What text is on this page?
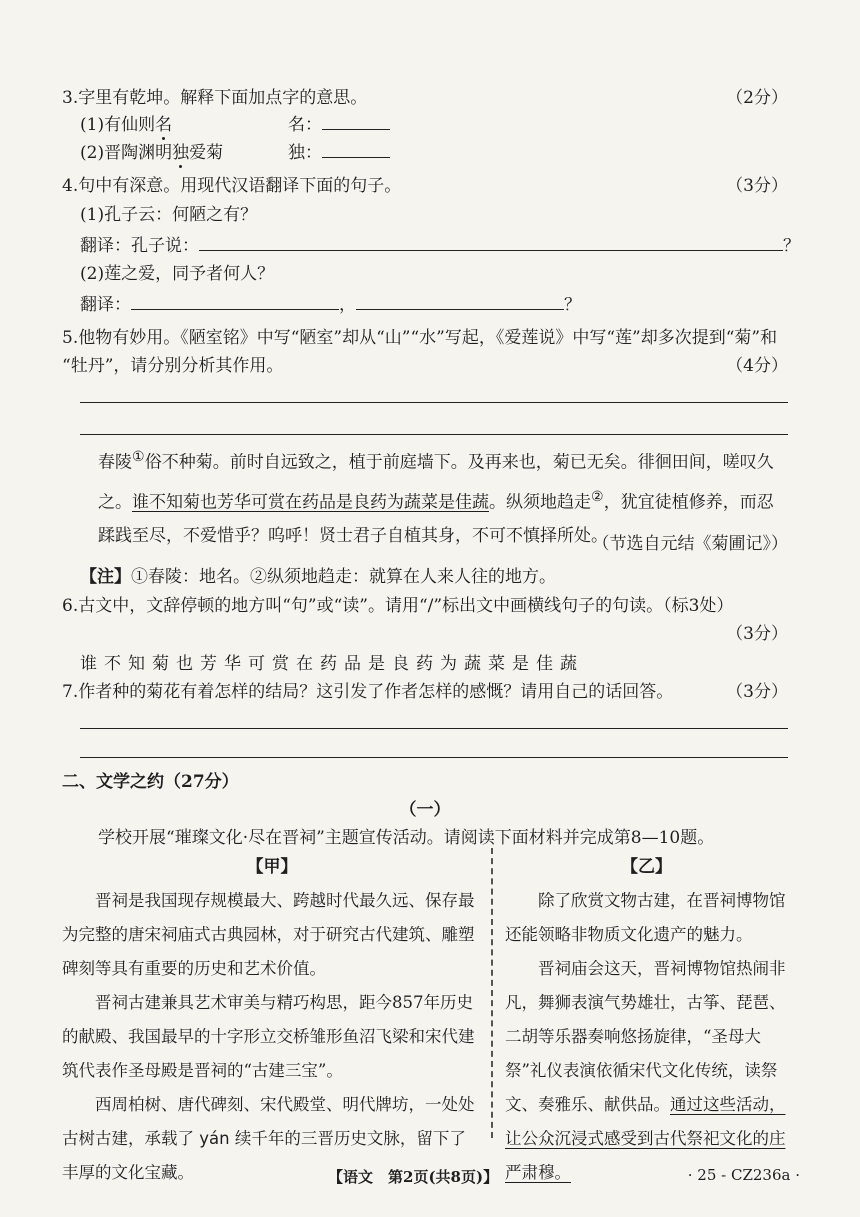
3.字里有乾坤。解释下面加点字的意思。	（2分）
(1)有仙则名	名：
(2)晋陶渊明独爱菊	独：
4.句中有深意。用现代汉语翻译下面的句子。	（3分）
(1)孔子云：何陋之有？
翻译：孔子说：	？
(2)莲之爱，同予者何人？
翻译：	，	？
5.他物有妙用。《陋室铭》中写“陋室”却从“山”“水”写起，《爱莲说》中写“莲”却多次提到“菊”和
“牡丹”，请分别分析其作用。	（4分）
春陵①俗不种菊。前时自远致之，植于前庭墙下。及再来也，菊已无矣。徘徊田间，嗟叹久之。谁不知菊也芳华可赏在药品是良药为蔬菜是佳蔬。纵须地趋走②，犹宜徒植修养，而忍蹂践至尽，不爱惜乎？呜呼！贤士君子自植其身，不可不慎择所处。
（节选自元结《菊圃记》）
【注】①春陵：地名。②纵须地趋走：就算在人来人往的地方。
6.古文中，文辞停顿的地方叫“句”或“读”。请用“/”标出文中画横线句子的句读。（标3处）
（3分）
谁不知菊也芳华可赏在药品是良药为蔬菜是佳蔬
7.作者种的菊花有着怎样的结局？这引发了作者怎样的感慨？请用自己的话回答。	（3分）
二、文学之约（27分）
（一）
学校开展“璀璨文化·尽在晋祠”主题宣传活动。请阅读下面材料并完成第8—10题。
【甲】
晋祠是我国现存规模最大、跨越时代最久远、保存最为完整的唐宋祠庙式古典园林，对于研究古代建筑、雕塑碑刻等具有重要的历史和艺术价值。
晋祠古建兼具艺术审美与精巧构思，距今857年历史的献殿、我国最早的十字形立交桥雏形鱼沼飞梁和宋代建筑代表作圣母殿是晋祠的“古建三宝”。
西周柏树、唐代碑刻、宋代殿堂、明代牌坊，一处处古树古建，承载了 yán 续千年的三晋历史文脉，留下了丰厚的文化宝藏。
【乙】
除了欣赏文物古建，在晋祠博物馆还能领略非物质文化遗产的魅力。
晋祠庙会这天，晋祠博物馆热闹非凡，舞狮表演气势雄壮，古筝、琵琶、二胡等乐器奏响悠扬旋律，“圣母大祭”礼仪表演依循宋代文化传统，读祭文、奏雅乐、献供品。通过这些活动，让公众沉浸式感受到古代祭祀文化的庄严肃穆。
【语文　第2页(共8页)】	· 25 - CZ236a ·
